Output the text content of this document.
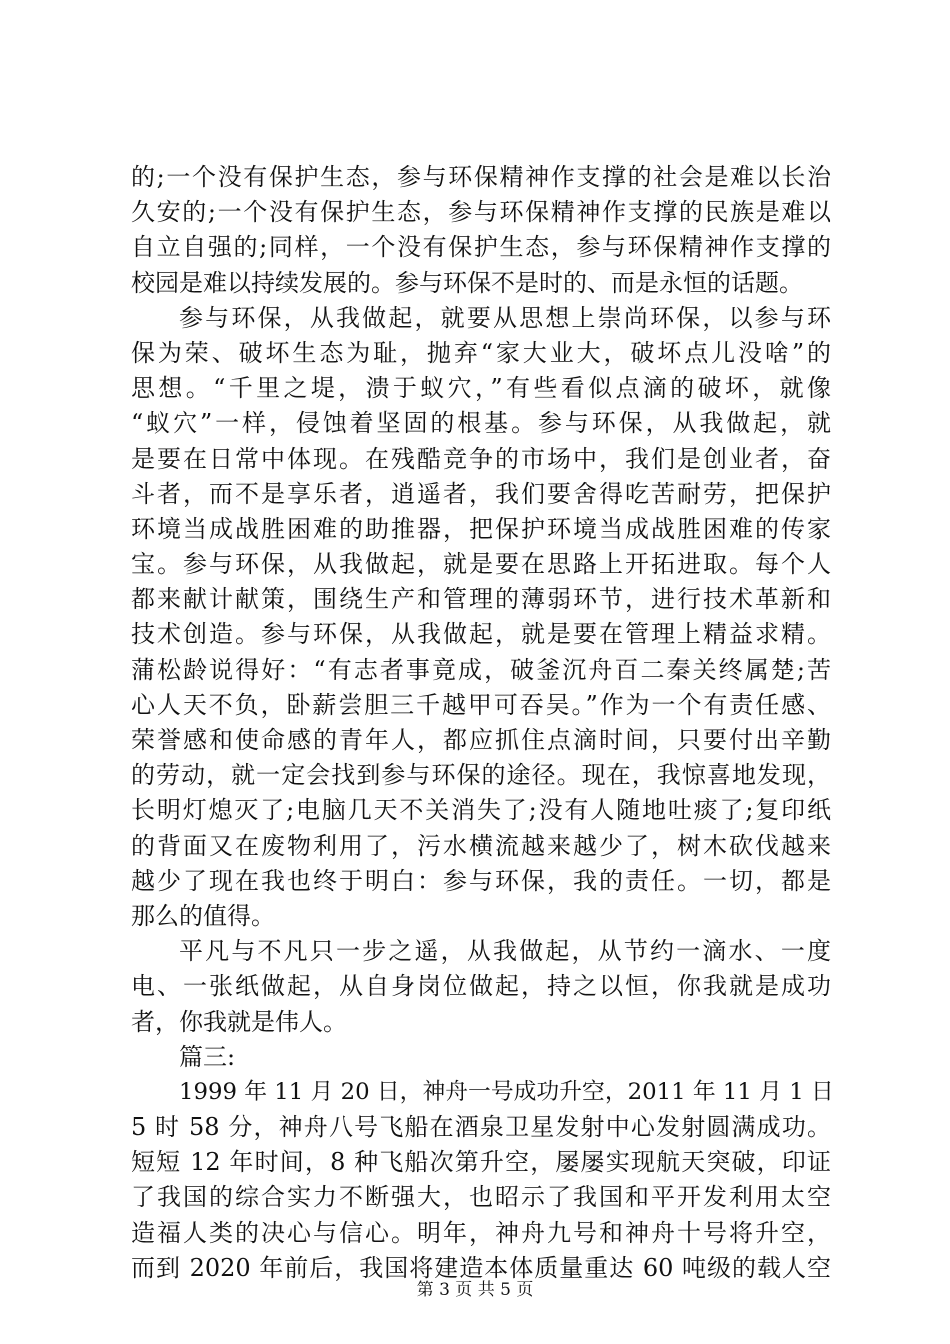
的;一个没有保护生态，参与环保精神作支撑的社会是难以长治
久安的;一个没有保护生态，参与环保精神作支撑的民族是难以
自立自强的;同样，一个没有保护生态，参与环保精神作支撑的
校园是难以持续发展的。参与环保不是时的、而是永恒的话题。
参与环保，从我做起，就要从思想上崇尚环保，以参与环
保为荣、破坏生态为耻，抛弃“家大业大，破坏点儿没啥”的
思想。“千里之堤，溃于蚁穴，”有些看似点滴的破坏，就像
“蚁穴”一样，侵蚀着坚固的根基。参与环保，从我做起，就
是要在日常中体现。在残酷竞争的市场中，我们是创业者，奋
斗者，而不是享乐者，逍遥者，我们要舍得吃苦耐劳，把保护
环境当成战胜困难的助推器，把保护环境当成战胜困难的传家
宝。参与环保，从我做起，就是要在思路上开拓进取。每个人
都来献计献策，围绕生产和管理的薄弱环节，进行技术革新和
技术创造。参与环保，从我做起，就是要在管理上精益求精。
蒲松龄说得好：“有志者事竟成，破釜沉舟百二秦关终属楚;苦
心人天不负，卧薪尝胆三千越甲可吞吴。”作为一个有责任感、
荣誉感和使命感的青年人，都应抓住点滴时间，只要付出辛勤
的劳动，就一定会找到参与环保的途径。现在，我惊喜地发现，
长明灯熄灭了;电脑几天不关消失了;没有人随地吐痰了;复印纸
的背面又在废物利用了，污水横流越来越少了，树木砍伐越来
越少了现在我也终于明白：参与环保，我的责任。一切，都是
那么的值得。
平凡与不凡只一步之遥，从我做起，从节约一滴水、一度
电、一张纸做起，从自身岗位做起，持之以恒，你我就是成功
者，你我就是伟人。
篇三:
1999 年 11 月 20 日，神舟一号成功升空，2011 年 11 月 1 日
5 时 58 分，神舟八号飞船在酒泉卫星发射中心发射圆满成功。
短短 12 年时间，8 种飞船次第升空，屡屡实现航天突破，印证
了我国的综合实力不断强大，也昭示了我国和平开发利用太空
造福人类的决心与信心。明年，神舟九号和神舟十号将升空，
而到 2020 年前后，我国将建造本体质量重达 60 吨级的载人空
第 3 页 共 5 页
